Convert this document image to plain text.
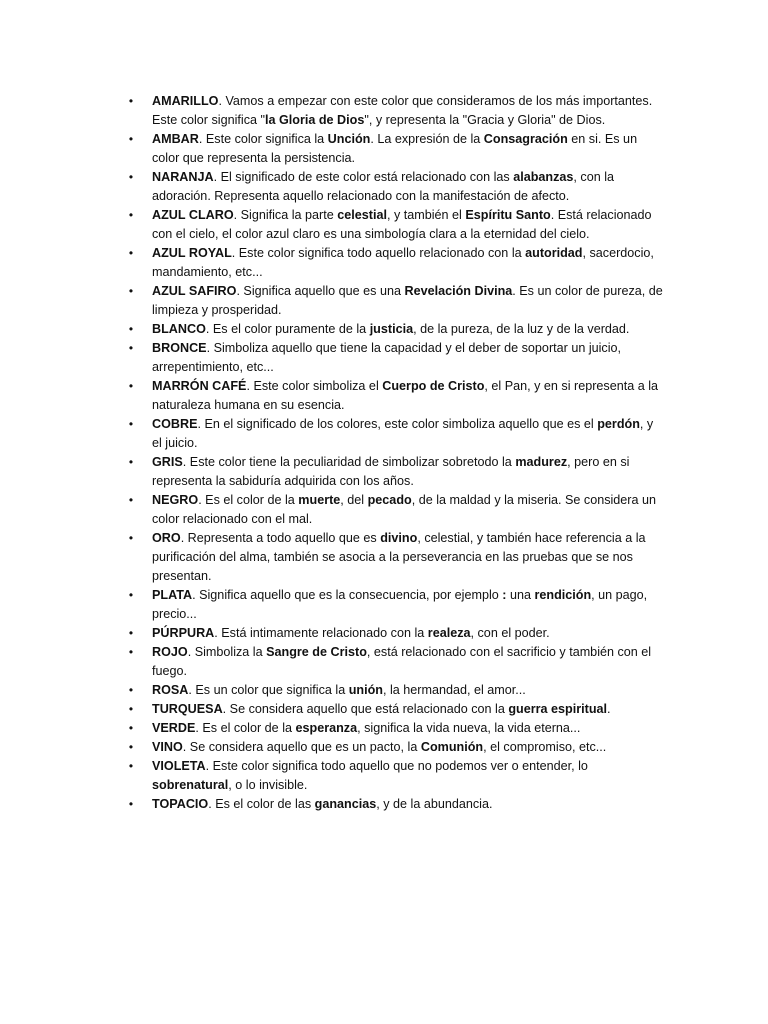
• AMARILLO. Vamos a empezar con este color que consideramos de los más importantes. Este color significa "la Gloria de Dios", y representa la "Gracia y Gloria" de Dios.
• AMBAR. Este color significa la Unción. La expresión de la Consagración en si. Es un color que representa la persistencia.
• NARANJA. El significado de este color está relacionado con las alabanzas, con la adoración. Representa aquello relacionado con la manifestación de afecto.
• AZUL CLARO. Significa la parte celestial, y también el Espíritu Santo. Está relacionado con el cielo, el color azul claro es una simbología clara a la eternidad del cielo.
• AZUL ROYAL. Este color significa todo aquello relacionado con la autoridad, sacerdocio, mandamiento, etc...
• AZUL SAFIRO. Significa aquello que es una Revelación Divina. Es un color de pureza, de limpieza y prosperidad.
• BLANCO. Es el color puramente de la justicia, de la pureza, de la luz y de la verdad.
• BRONCE. Simboliza aquello que tiene la capacidad y el deber de soportar un juicio, arrepentimiento, etc...
• MARRÓN CAFÉ. Este color simboliza el Cuerpo de Cristo, el Pan, y en si representa a la naturaleza humana en su esencia.
• COBRE. En el significado de los colores, este color simboliza aquello que es el perdón, y el juicio.
• GRIS. Este color tiene la peculiaridad de simbolizar sobretodo la madurez, pero en si representa la sabiduría adquirida con los años.
• NEGRO. Es el color de la muerte, del pecado, de la maldad y la miseria. Se considera un color relacionado con el mal.
• ORO. Representa a todo aquello que es divino, celestial, y también hace referencia a la purificación del alma, también se asocia a la perseverancia en las pruebas que se nos presentan.
• PLATA. Significa aquello que es la consecuencia, por ejemplo : una rendición, un pago, precio...
• PÚRPURA. Está intimamente relacionado con la realeza, con el poder.
• ROJO. Simboliza la Sangre de Cristo, está relacionado con el sacrificio y también con el fuego.
• ROSA. Es un color que significa la unión, la hermandad, el amor...
• TURQUESA. Se considera aquello que está relacionado con la guerra espiritual.
• VERDE. Es el color de la esperanza, significa la vida nueva, la vida eterna...
• VINO. Se considera aquello que es un pacto, la Comunión, el compromiso, etc...
• VIOLETA. Este color significa todo aquello que no podemos ver o entender, lo sobrenatural, o lo invisible.
• TOPACIO. Es el color de las ganancias, y de la abundancia.
